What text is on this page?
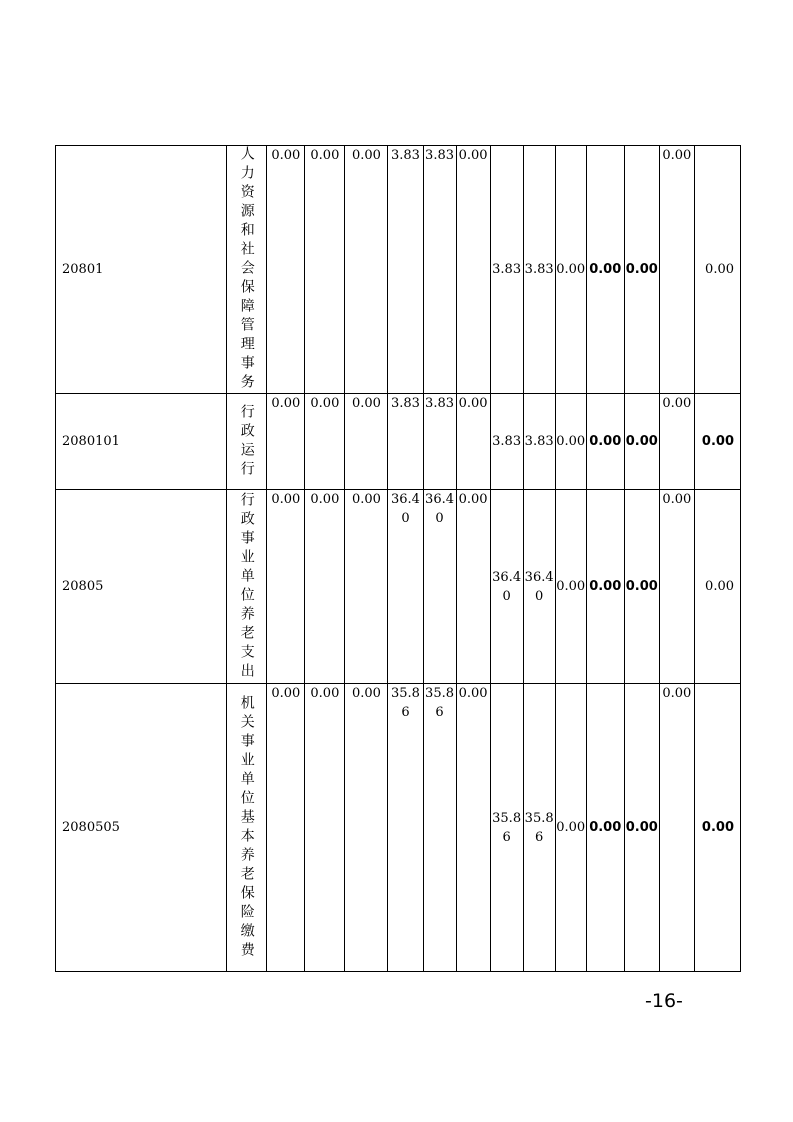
20801	人力资源和社会保障管理事务	0.00	0.00	0.00	3.83	3.83	0.00	3.83	3.83	0.00	0.00	0.00	0.00	0.00
2080101	行政运行	0.00	0.00	0.00	3.83	3.83	0.00	3.83	3.83	0.00	0.00	0.00	0.00	0.00
20805	行政事业单位养老支出	0.00	0.00	0.00	36.40	36.40	0.00	36.40	36.40	0.00	0.00	0.00	0.00	0.00
2080505	机关事业单位基本养老保险缴费	0.00	0.00	0.00	35.86	35.86	0.00	35.86	35.86	0.00	0.00	0.00	0.00	0.00
-16-
